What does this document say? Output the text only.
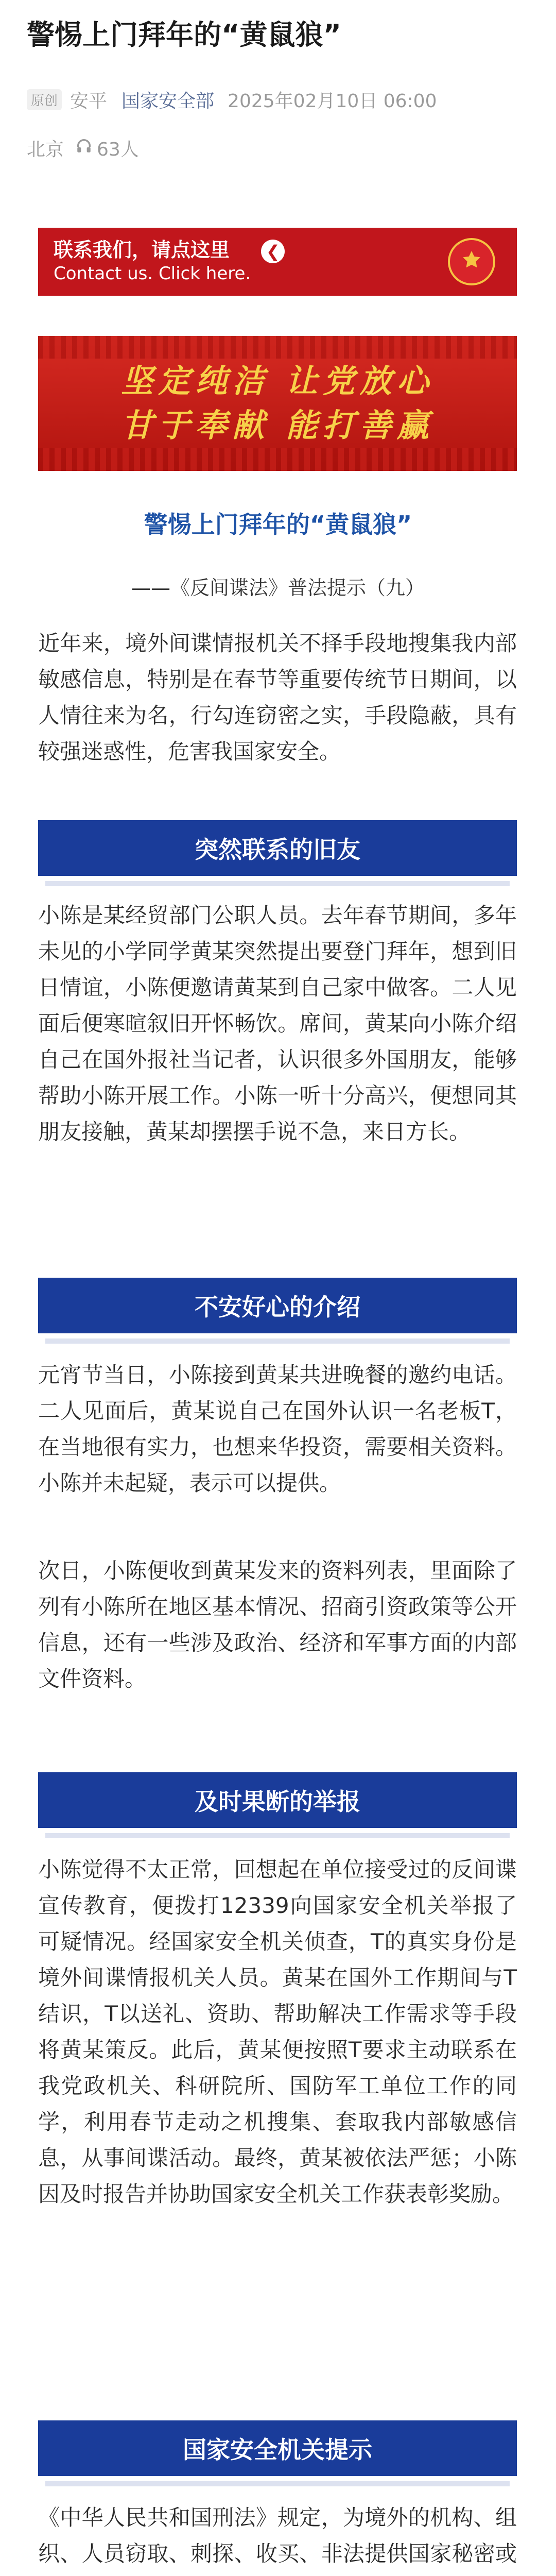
警惕上门拜年的“黄鼠狼”
原创 安平 国家安全部 2025年02月10日 06:00
北京 63人
联系我们，请点这里
Contact us. Click here.
❮
坚定纯洁 让党放心
甘于奉献 能打善赢
警惕上门拜年的“黄鼠狼”
——《反间谍法》普法提示（九）

近年来，境外间谍情报机关不择手段地搜集我内部敏感信息，特别是在春节等重要传统节日期间，以人情往来为名，行勾连窃密之实，手段隐蔽，具有较强迷惑性，危害我国家安全。

突然联系的旧友

小陈是某经贸部门公职人员。去年春节期间，多年未见的小学同学黄某突然提出要登门拜年，想到旧日情谊，小陈便邀请黄某到自己家中做客。二人见面后便寒暄叙旧开怀畅饮。席间，黄某向小陈介绍自己在国外报社当记者，认识很多外国朋友，能够帮助小陈开展工作。小陈一听十分高兴，便想同其朋友接触，黄某却摆摆手说不急，来日方长。

不安好心的介绍

元宵节当日，小陈接到黄某共进晚餐的邀约电话。二人见面后，黄某说自己在国外认识一名老板T，在当地很有实力，也想来华投资，需要相关资料。小陈并未起疑，表示可以提供。

次日，小陈便收到黄某发来的资料列表，里面除了列有小陈所在地区基本情况、招商引资政策等公开信息，还有一些涉及政治、经济和军事方面的内部文件资料。

及时果断的举报

小陈觉得不太正常，回想起在单位接受过的反间谍宣传教育，便拨打12339向国家安全机关举报了可疑情况。经国家安全机关侦查，T的真实身份是境外间谍情报机关人员。黄某在国外工作期间与T结识，T以送礼、资助、帮助解决工作需求等手段将黄某策反。此后，黄某便按照T要求主动联系在我党政机关、科研院所、国防军工单位工作的同学，利用春节走动之机搜集、套取我内部敏感信息，从事间谍活动。最终，黄某被依法严惩；小陈因及时报告并协助国家安全机关工作获表彰奖励。

国家安全机关提示

《中华人民共和国刑法》规定，为境外的机构、组织、人员窃取、刺探、收买、非法提供国家秘密或
